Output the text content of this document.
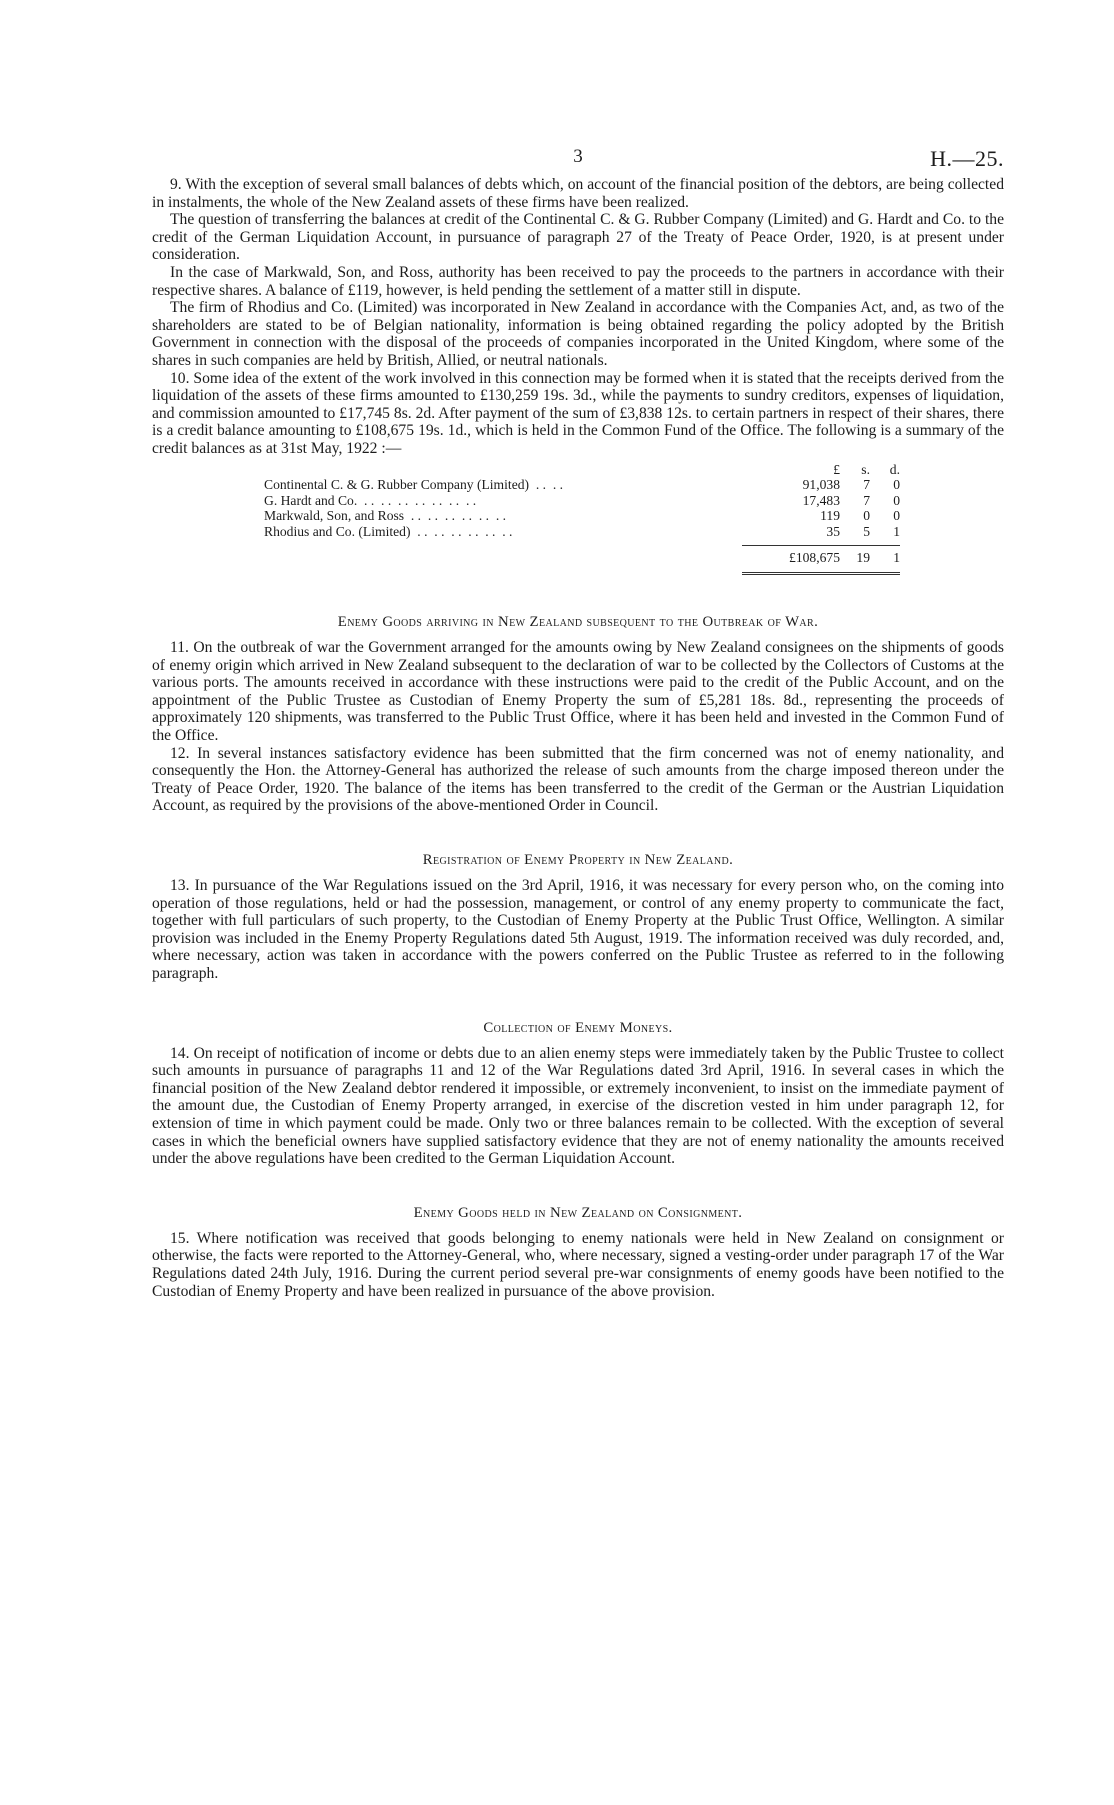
3	H.—25.

9. With the exception of several small balances of debts which, on account of the financial position of the debtors, are being collected in instalments, the whole of the New Zealand assets of these firms have been realized.

The question of transferring the balances at credit of the Continental C. & G. Rubber Company (Limited) and G. Hardt and Co. to the credit of the German Liquidation Account, in pursuance of paragraph 27 of the Treaty of Peace Order, 1920, is at present under consideration.

In the case of Markwald, Son, and Ross, authority has been received to pay the proceeds to the partners in accordance with their respective shares. A balance of £119, however, is held pending the settlement of a matter still in dispute.

The firm of Rhodius and Co. (Limited) was incorporated in New Zealand in accordance with the Companies Act, and, as two of the shareholders are stated to be of Belgian nationality, information is being obtained regarding the policy adopted by the British Government in connection with the disposal of the proceeds of companies incorporated in the United Kingdom, where some of the shares in such companies are held by British, Allied, or neutral nationals.

10. Some idea of the extent of the work involved in this connection may be formed when it is stated that the receipts derived from the liquidation of the assets of these firms amounted to £130,259 19s. 3d., while the payments to sundry creditors, expenses of liquidation, and commission amounted to £17,745 8s. 2d. After payment of the sum of £3,838 12s. to certain partners in respect of their shares, there is a credit balance amounting to £108,675 19s. 1d., which is held in the Common Fund of the Office. The following is a summary of the credit balances as at 31st May, 1922 :—

£	s.	d.
Continental C. & G. Rubber Company (Limited)  . .  . .	91,038	7	0
G. Hardt and Co.  . .  . .  . .  . .  . .  . .  . .	17,483	7	0
Markwald, Son, and Ross  . .  . .  . .  . .  . .  . .	119	0	0
Rhodius and Co. (Limited)  . .  . .  . .  . .  . .  . .	35	5	1
£108,675	19	1

Enemy Goods arriving in New Zealand subsequent to the Outbreak of War.

11. On the outbreak of war the Government arranged for the amounts owing by New Zealand consignees on the shipments of goods of enemy origin which arrived in New Zealand subsequent to the declaration of war to be collected by the Collectors of Customs at the various ports. The amounts received in accordance with these instructions were paid to the credit of the Public Account, and on the appointment of the Public Trustee as Custodian of Enemy Property the sum of £5,281 18s. 8d., representing the proceeds of approximately 120 shipments, was transferred to the Public Trust Office, where it has been held and invested in the Common Fund of the Office.

12. In several instances satisfactory evidence has been submitted that the firm concerned was not of enemy nationality, and consequently the Hon. the Attorney-General has authorized the release of such amounts from the charge imposed thereon under the Treaty of Peace Order, 1920. The balance of the items has been transferred to the credit of the German or the Austrian Liquidation Account, as required by the provisions of the above-mentioned Order in Council.

Registration of Enemy Property in New Zealand.

13. In pursuance of the War Regulations issued on the 3rd April, 1916, it was necessary for every person who, on the coming into operation of those regulations, held or had the possession, management, or control of any enemy property to communicate the fact, together with full particulars of such property, to the Custodian of Enemy Property at the Public Trust Office, Wellington. A similar provision was included in the Enemy Property Regulations dated 5th August, 1919. The information received was duly recorded, and, where necessary, action was taken in accordance with the powers conferred on the Public Trustee as referred to in the following paragraph.

Collection of Enemy Moneys.

14. On receipt of notification of income or debts due to an alien enemy steps were immediately taken by the Public Trustee to collect such amounts in pursuance of paragraphs 11 and 12 of the War Regulations dated 3rd April, 1916. In several cases in which the financial position of the New Zealand debtor rendered it impossible, or extremely inconvenient, to insist on the immediate payment of the amount due, the Custodian of Enemy Property arranged, in exercise of the discretion vested in him under paragraph 12, for extension of time in which payment could be made. Only two or three balances remain to be collected. With the exception of several cases in which the beneficial owners have supplied satisfactory evidence that they are not of enemy nationality the amounts received under the above regulations have been credited to the German Liquidation Account.

Enemy Goods held in New Zealand on Consignment.

15. Where notification was received that goods belonging to enemy nationals were held in New Zealand on consignment or otherwise, the facts were reported to the Attorney-General, who, where necessary, signed a vesting-order under paragraph 17 of the War Regulations dated 24th July, 1916. During the current period several pre-war consignments of enemy goods have been notified to the Custodian of Enemy Property and have been realized in pursuance of the above provision.
